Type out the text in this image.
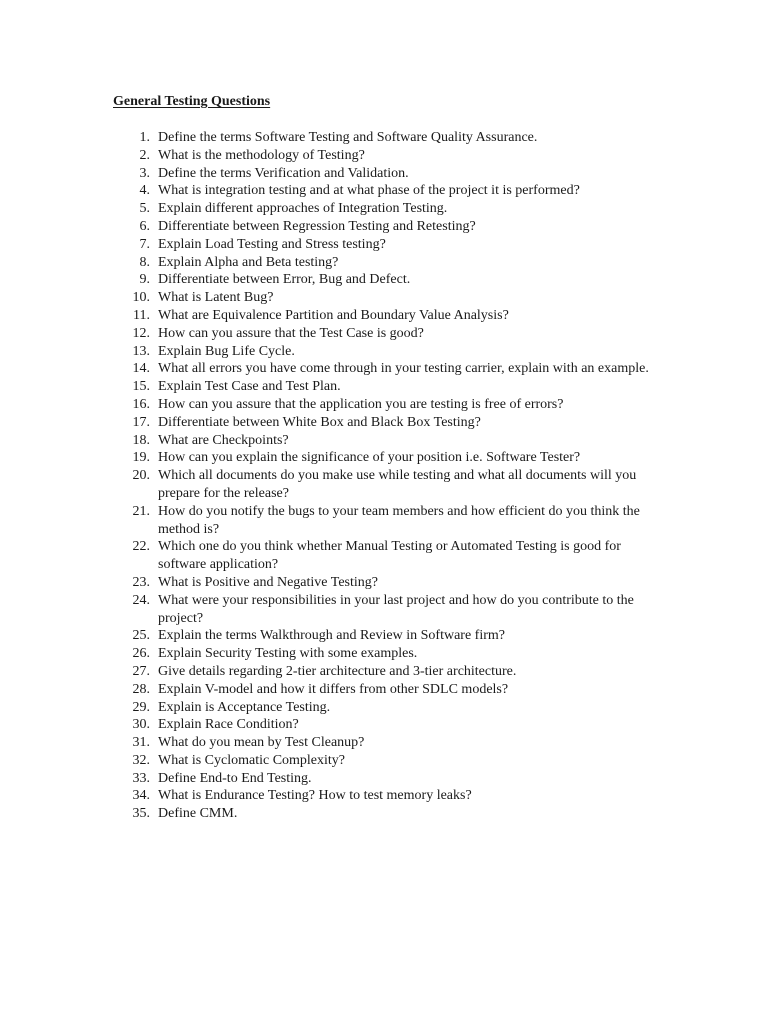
General Testing Questions
1. Define the terms Software Testing and Software Quality Assurance.
2. What is the methodology of Testing?
3. Define the terms Verification and Validation.
4. What is integration testing and at what phase of the project it is performed?
5. Explain different approaches of Integration Testing.
6. Differentiate between Regression Testing and Retesting?
7. Explain Load Testing and Stress testing?
8. Explain Alpha and Beta testing?
9. Differentiate between Error, Bug and Defect.
10. What is Latent Bug?
11. What are Equivalence Partition and Boundary Value Analysis?
12. How can you assure that the Test Case is good?
13. Explain Bug Life Cycle.
14. What all errors you have come through in your testing carrier, explain with an example.
15. Explain Test Case and Test Plan.
16. How can you assure that the application you are testing is free of errors?
17. Differentiate between White Box and Black Box Testing?
18. What are Checkpoints?
19. How can you explain the significance of your position i.e. Software Tester?
20. Which all documents do you make use while testing and what all documents will you prepare for the release?
21. How do you notify the bugs to your team members and how efficient do you think the method is?
22. Which one do you think whether Manual Testing or Automated Testing is good for software application?
23. What is Positive and Negative Testing?
24. What were your responsibilities in your last project and how do you contribute to the project?
25. Explain the terms Walkthrough and Review in Software firm?
26. Explain Security Testing with some examples.
27. Give details regarding 2-tier architecture and 3-tier architecture.
28. Explain V-model and how it differs from other SDLC models?
29. Explain is Acceptance Testing.
30. Explain Race Condition?
31. What do you mean by Test Cleanup?
32. What is Cyclomatic Complexity?
33. Define End-to End Testing.
34. What is Endurance Testing? How to test memory leaks?
35. Define CMM.
